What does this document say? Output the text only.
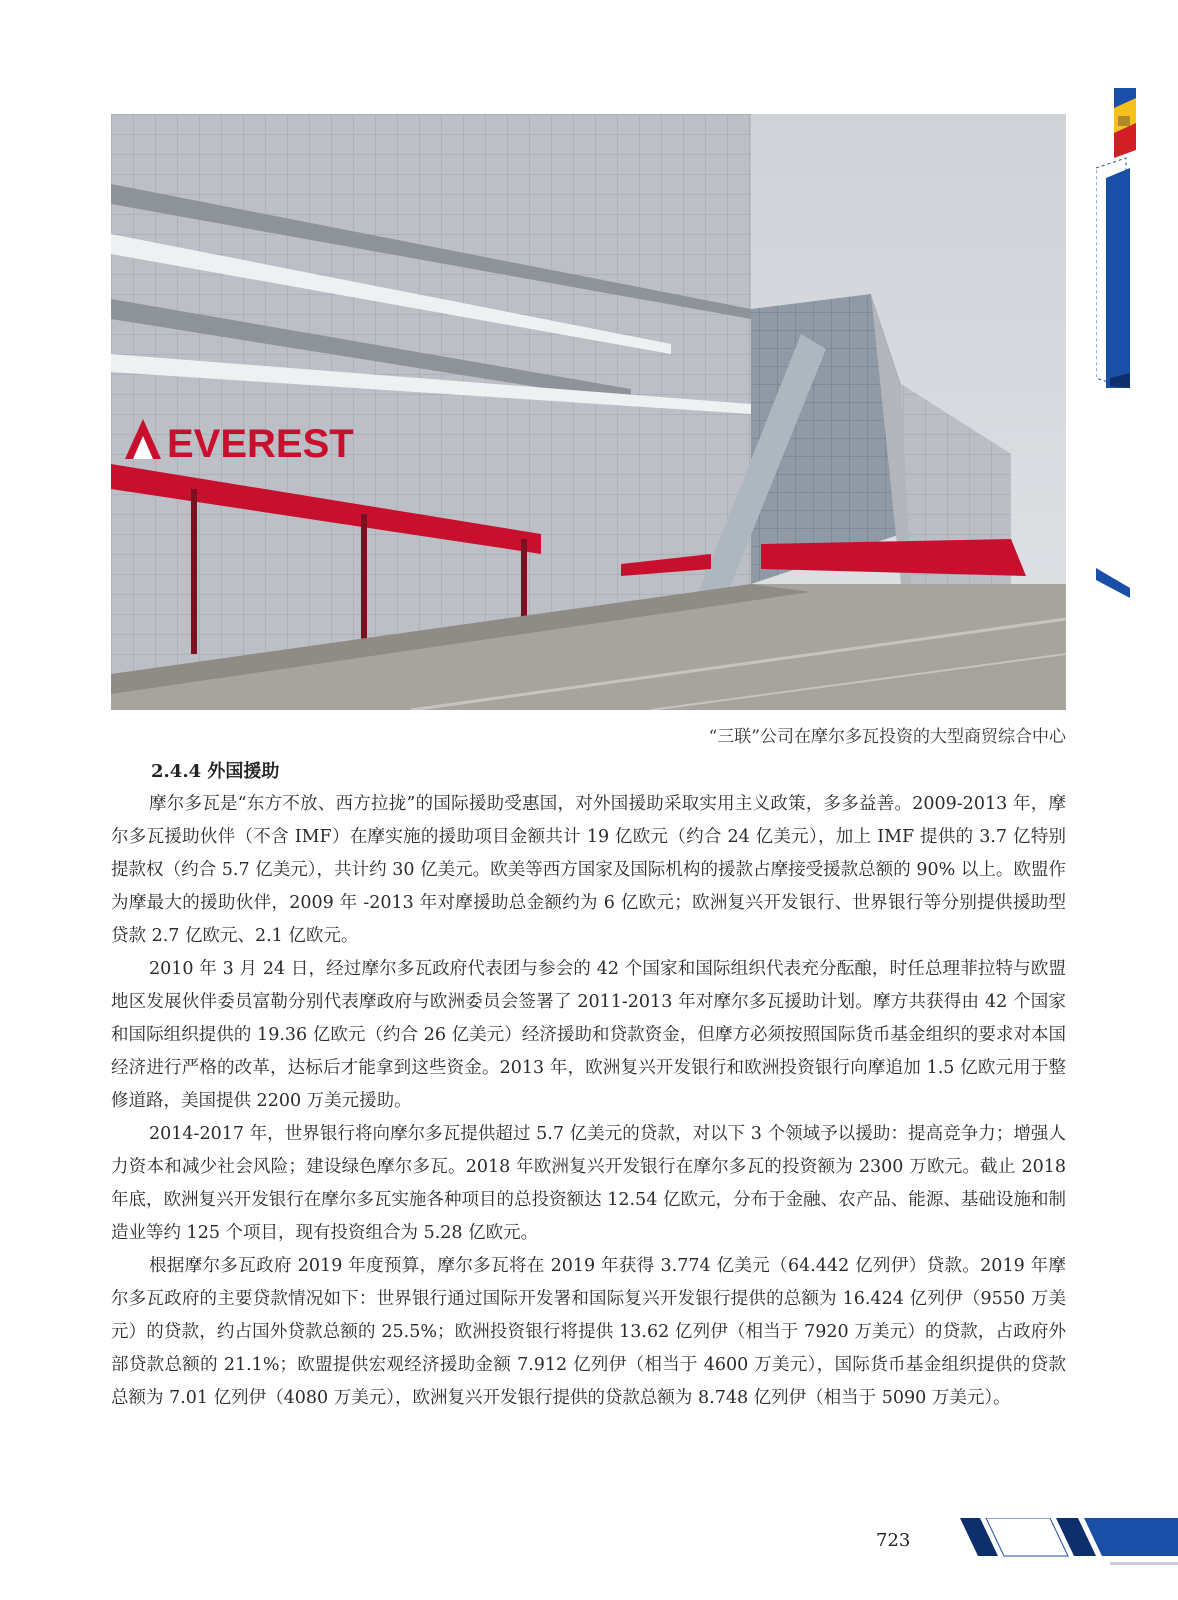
EVEREST
“三联”公司在摩尔多瓦投资的大型商贸综合中心
2.4.4 外国援助

摩尔多瓦是“东方不放、西方拉拢”的国际援助受惠国，对外国援助采取实用主义政策，多多益善。2009-2013 年，摩尔多瓦援助伙伴（不含 IMF）在摩实施的援助项目金额共计 19 亿欧元（约合 24 亿美元），加上 IMF 提供的 3.7 亿特别提款权（约合 5.7 亿美元），共计约 30 亿美元。欧美等西方国家及国际机构的援款占摩接受援款总额的 90% 以上。欧盟作为摩最大的援助伙伴，2009 年 -2013 年对摩援助总金额约为 6 亿欧元；欧洲复兴开发银行、世界银行等分别提供援助型贷款 2.7 亿欧元、2.1 亿欧元。

2010 年 3 月 24 日，经过摩尔多瓦政府代表团与参会的 42 个国家和国际组织代表充分酝酿，时任总理菲拉特与欧盟地区发展伙伴委员富勒分别代表摩政府与欧洲委员会签署了 2011-2013 年对摩尔多瓦援助计划。摩方共获得由 42 个国家和国际组织提供的 19.36 亿欧元（约合 26 亿美元）经济援助和贷款资金，但摩方必须按照国际货币基金组织的要求对本国经济进行严格的改革，达标后才能拿到这些资金。2013 年，欧洲复兴开发银行和欧洲投资银行向摩追加 1.5 亿欧元用于整修道路，美国提供 2200 万美元援助。

2014-2017 年，世界银行将向摩尔多瓦提供超过 5.7 亿美元的贷款，对以下 3 个领域予以援助：提高竞争力；增强人力资本和减少社会风险；建设绿色摩尔多瓦。2018 年欧洲复兴开发银行在摩尔多瓦的投资额为 2300 万欧元。截止 2018 年底，欧洲复兴开发银行在摩尔多瓦实施各种项目的总投资额达 12.54 亿欧元，分布于金融、农产品、能源、基础设施和制造业等约 125 个项目，现有投资组合为 5.28 亿欧元。

根据摩尔多瓦政府 2019 年度预算，摩尔多瓦将在 2019 年获得 3.774 亿美元（64.442 亿列伊）贷款。2019 年摩尔多瓦政府的主要贷款情况如下：世界银行通过国际开发署和国际复兴开发银行提供的总额为 16.424 亿列伊（9550 万美元）的贷款，约占国外贷款总额的 25.5%；欧洲投资银行将提供 13.62 亿列伊（相当于 7920 万美元）的贷款，占政府外部贷款总额的 21.1%；欧盟提供宏观经济援助金额 7.912 亿列伊（相当于 4600 万美元），国际货币基金组织提供的贷款总额为 7.01 亿列伊（4080 万美元），欧洲复兴开发银行提供的贷款总额为 8.748 亿列伊（相当于 5090 万美元）。

723
